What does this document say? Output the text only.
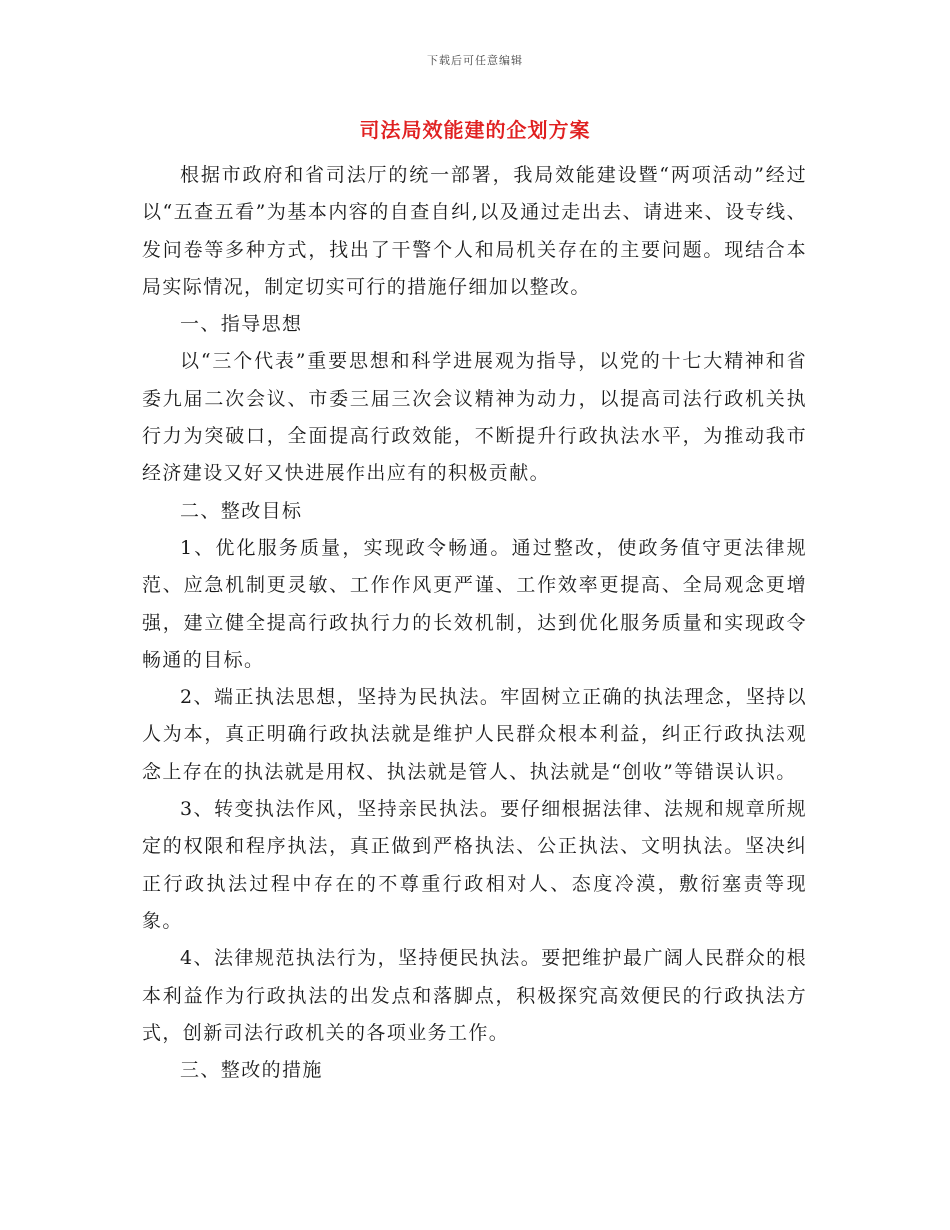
下载后可任意编辑
司法局效能建的企划方案

根据市政府和省司法厅的统一部署，我局效能建设暨“两项活动”经过以“五查五看”为基本内容的自查自纠,以及通过走出去、请进来、设专线、发问卷等多种方式，找出了干警个人和局机关存在的主要问题。现结合本局实际情况，制定切实可行的措施仔细加以整改。

一、指导思想

以“三个代表”重要思想和科学进展观为指导，以党的十七大精神和省委九届二次会议、市委三届三次会议精神为动力，以提高司法行政机关执行力为突破口，全面提高行政效能，不断提升行政执法水平，为推动我市经济建设又好又快进展作出应有的积极贡献。

二、整改目标

1、优化服务质量，实现政令畅通。通过整改，使政务值守更法律规范、应急机制更灵敏、工作作风更严谨、工作效率更提高、全局观念更增强，建立健全提高行政执行力的长效机制，达到优化服务质量和实现政令畅通的目标。

2、端正执法思想，坚持为民执法。牢固树立正确的执法理念，坚持以人为本，真正明确行政执法就是维护人民群众根本利益，纠正行政执法观念上存在的执法就是用权、执法就是管人、执法就是“创收”等错误认识。

3、转变执法作风，坚持亲民执法。要仔细根据法律、法规和规章所规定的权限和程序执法，真正做到严格执法、公正执法、文明执法。坚决纠正行政执法过程中存在的不尊重行政相对人、态度冷漠，敷衍塞责等现象。

4、法律规范执法行为，坚持便民执法。要把维护最广阔人民群众的根本利益作为行政执法的出发点和落脚点，积极探究高效便民的行政执法方式，创新司法行政机关的各项业务工作。

三、整改的措施
